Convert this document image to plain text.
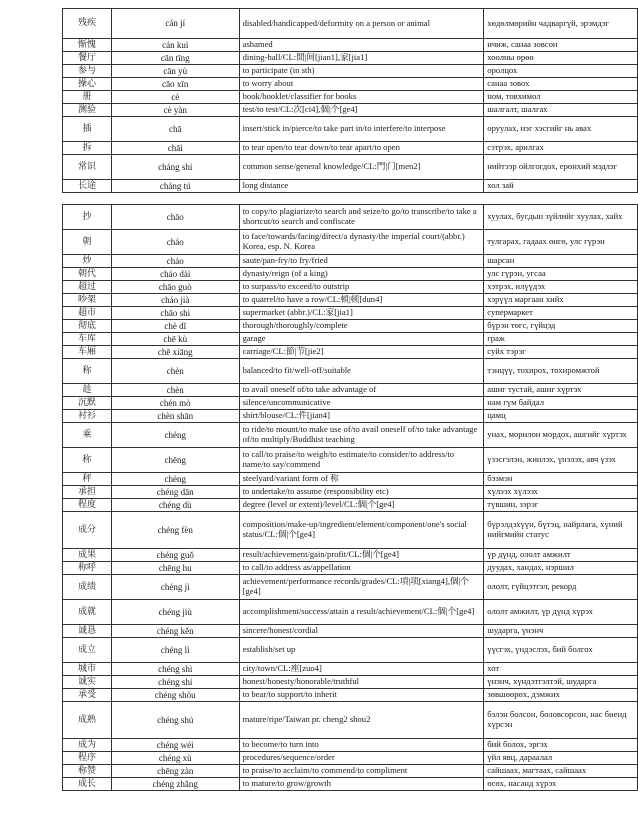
残疾	cán jí	disabled/handicapped/deformity on a person or animal	хөдөлмөрийн чадваргүй, эрэмдэг
惭愧	cán kuì	ashamed	ичиж, санаа зовсон
餐厅	cān tīng	dining-hall/CL:間|间[jian1],家[jia1]	хоолны өрөө
参与	cān yù	to participate (in sth)	оролцох
操心	cāo xīn	to worry about	санаа зовох
册	cè	book/booklet/classifier for books	ном, товхимол
测验	cè yàn	test/to test/CL:次[ci4],個|个[ge4]	шалгалт, шалгах
插	chā	insert/stick in/pierce/to take part in/to interfere/to interpose	оруулах, нэг хэсгийг нь авах
拆	chāi	to tear open/to tear down/to tear apart/to open	сэтрэх, арилгах
常识	cháng shí	common sense/general knowledge/CL:門|门[men2]	нийтээр ойлгогдох, ерөнхий мэдлэг
长途	cháng tú	long distance	хол зай
抄	chāo	to copy/to plagiarize/to search and seize/to go/to transcribe/to take a shortcut/to search and confiscate	хуулах, бусдын зүйлийг хуулах, хайх
朝	cháo	to face/towards/facing/direct/a dynasty/the imperial court/(abbr.) Korea, esp. N. Korea	тулгарах, гадаах өнгө, улс гүрэн
炒	cháo	saute/pan-fry/to fry/fried	шарсан
朝代	cháo dài	dynasty/reign (of a king)	улс гүрэн, угсаа
超过	chāo guò	to surpass/to exceed/to outstrip	хэтрэх, илүүдэх
吵架	cháo jià	to quarrel/to have a row/CL:頓|顿[dun4]	хэрүүл маргаан хийх
超市	chāo shì	supermarket (abbr.)/CL:家[jia1]	супермаркет
彻底	chè dǐ	thorough/thoroughly/complete	бүрэн төгс, гүйцэд
车库	chē kù	garage	граж
车厢	chē xiāng	carriage/CL:節|节[jie2]	суйх тэрэг
称	chèn	balanced/to fit/well-off/suitable	тэнцүү, тохирох, тохиромжтой
趁	chèn	to avail oneself of/to take advantage of	ашиг тустай, ашиг хүртэх
沉默	chén mò	silence/uncommunicative	нам гүм байдал
衬衫	chèn shān	shirt/blouse/CL:件[jian4]	цамц
乘	chéng	to ride/to mount/to make use of/to avail oneself of/to take advantage of/to multiply/Buddhist teaching	унах, морилон мордох, ашгийг хүртэх
称	chēng	to call/to praise/to weigh/to estimate/to consider/to address/to name/to say/commend	үзэсгэлэн, жинлэх, үнэлэх, авч үзэх
秤	chèng	steelyard/variant form of 称	бэзмэн
承担	chéng dān	to undertake/to assume (responsibility etc)	хүлээх хүлээх
程度	chéng dù	degree (level or extent)/level/CL:個|个[ge4]	түвшин, зэрэг
成分	chéng fèn	composition/make-up/ingredient/element/component/one's social status/CL:個|个[ge4]	бүрэлдэхүүн, бүтэц, найрлага, хүний нийгмийн статус
成果	chéng guǒ	result/achievement/gain/profit/CL:個|个[ge4]	үр дүнд, ололт амжилт
称呼	chēng hu	to call/to address as/appellation	дуудах, хандах, нэршил
成绩	chéng jì	achievement/performance records/grades/CL:項|项[xiang4],個|个[ge4]	ололт, гүйцэтгэл, рекорд
成就	chéng jiù	accomplishment/success/attain a result/achievement/CL:個|个[ge4]	ололт амжилт, үр дүнд хүрэх
诚恳	chéng kěn	sincere/honest/cordial	шударга, үнэнч
成立	chéng lì	establish/set up	үүсгэх, үндэслэх, бий болгох
城市	chéng shì	city/town/CL:座[zuo4]	хот
诚实	chéng shí	honest/honesty/honorable/truthful	үнэнч, хүндэтгэлтэй, шударга
承受	chéng shòu	to bear/to support/to inherit	зөвшөөрөх, дэмжих
成熟	chéng shú	mature/ripe/Taiwan pr. cheng2 shou2	бэлэн болсон, боловсорсон, нас биенд хүрсэн
成为	chéng wéi	to become/to turn into	бий болох, эргэх
程序	chéng xù	procedures/sequence/order	үйл явц, дараалал
称赞	chēng zàn	to praise/to acclaim/to commend/to compliment	сайшаах, магтаах, сайшаах
成长	chéng zhǎng	to mature/to grow/growth	өсөх, насанд хүрэх
